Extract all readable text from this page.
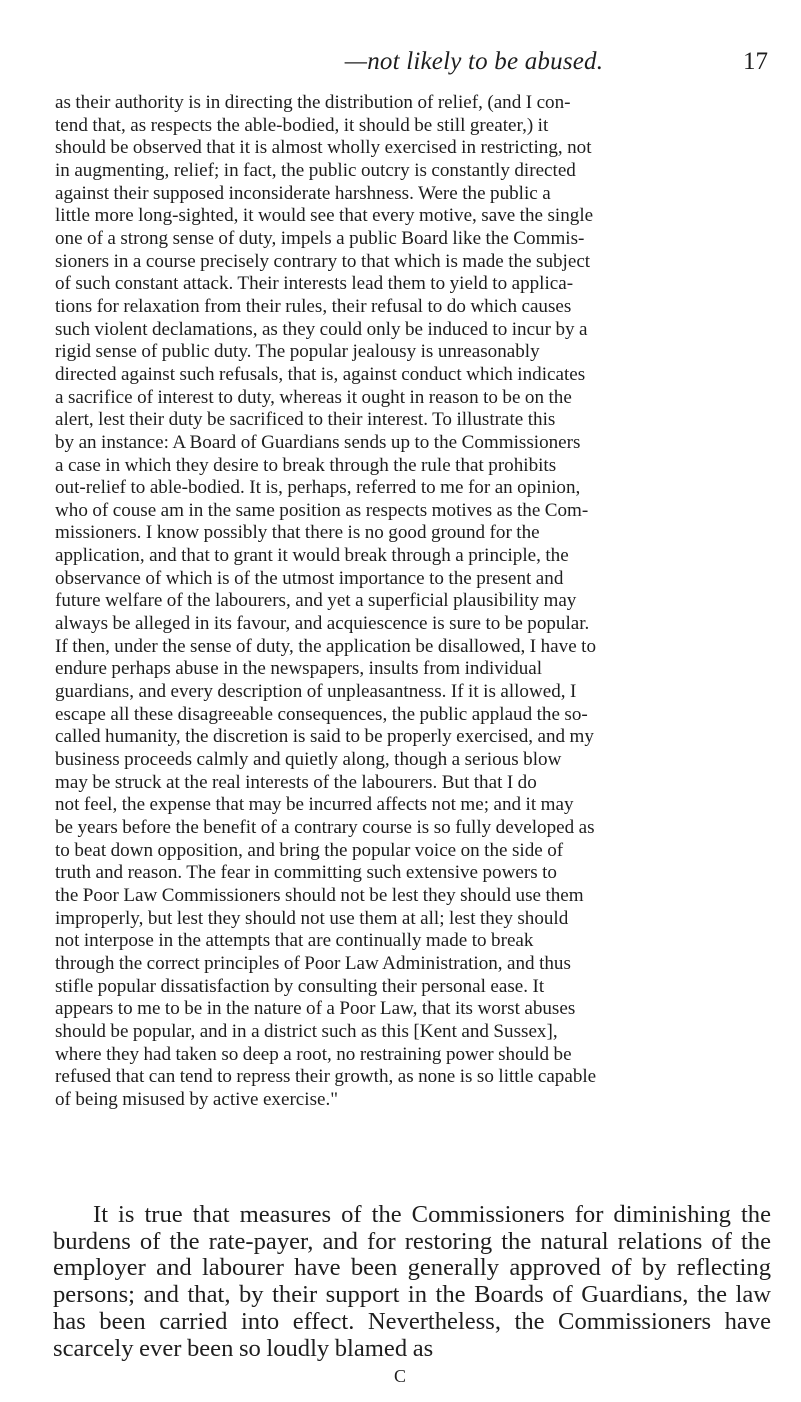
—not likely to be abused.	17

as their authority is in directing the distribution of relief, (and I con-
tend that, as respects the able-bodied, it should be still greater,) it
should be observed that it is almost wholly exercised in restricting, not
in augmenting, relief; in fact, the public outcry is constantly directed
against their supposed inconsiderate harshness. Were the public a
little more long-sighted, it would see that every motive, save the single
one of a strong sense of duty, impels a public Board like the Commis-
sioners in a course precisely contrary to that which is made the subject
of such constant attack. Their interests lead them to yield to applica-
tions for relaxation from their rules, their refusal to do which causes
such violent declamations, as they could only be induced to incur by a
rigid sense of public duty. The popular jealousy is unreasonably
directed against such refusals, that is, against conduct which indicates
a sacrifice of interest to duty, whereas it ought in reason to be on the
alert, lest their duty be sacrificed to their interest. To illustrate this
by an instance: A Board of Guardians sends up to the Commissioners
a case in which they desire to break through the rule that prohibits
out-relief to able-bodied. It is, perhaps, referred to me for an opinion,
who of couse am in the same position as respects motives as the Com-
missioners. I know possibly that there is no good ground for the
application, and that to grant it would break through a principle, the
observance of which is of the utmost importance to the present and
future welfare of the labourers, and yet a superficial plausibility may
always be alleged in its favour, and acquiescence is sure to be popular.
If then, under the sense of duty, the application be disallowed, I have to
endure perhaps abuse in the newspapers, insults from individual
guardians, and every description of unpleasantness. If it is allowed, I
escape all these disagreeable consequences, the public applaud the so-
called humanity, the discretion is said to be properly exercised, and my
business proceeds calmly and quietly along, though a serious blow
may be struck at the real interests of the labourers. But that I do
not feel, the expense that may be incurred affects not me; and it may
be years before the benefit of a contrary course is so fully developed as
to beat down opposition, and bring the popular voice on the side of
truth and reason. The fear in committing such extensive powers to
the Poor Law Commissioners should not be lest they should use them
improperly, but lest they should not use them at all; lest they should
not interpose in the attempts that are continually made to break
through the correct principles of Poor Law Administration, and thus
stifle popular dissatisfaction by consulting their personal ease. It
appears to me to be in the nature of a Poor Law, that its worst abuses
should be popular, and in a district such as this [Kent and Sussex],
where they had taken so deep a root, no restraining power should be
refused that can tend to repress their growth, as none is so little capable
of being misused by active exercise."

It is true that measures of the Commissioners for diminishing the burdens of the rate-payer, and for restoring the natural relations of the employer and labourer have been generally approved of by reflecting persons; and that, by their support in the Boards of Guardians, the law has been carried into effect. Nevertheless, the Commissioners have scarcely ever been so loudly blamed as

C
